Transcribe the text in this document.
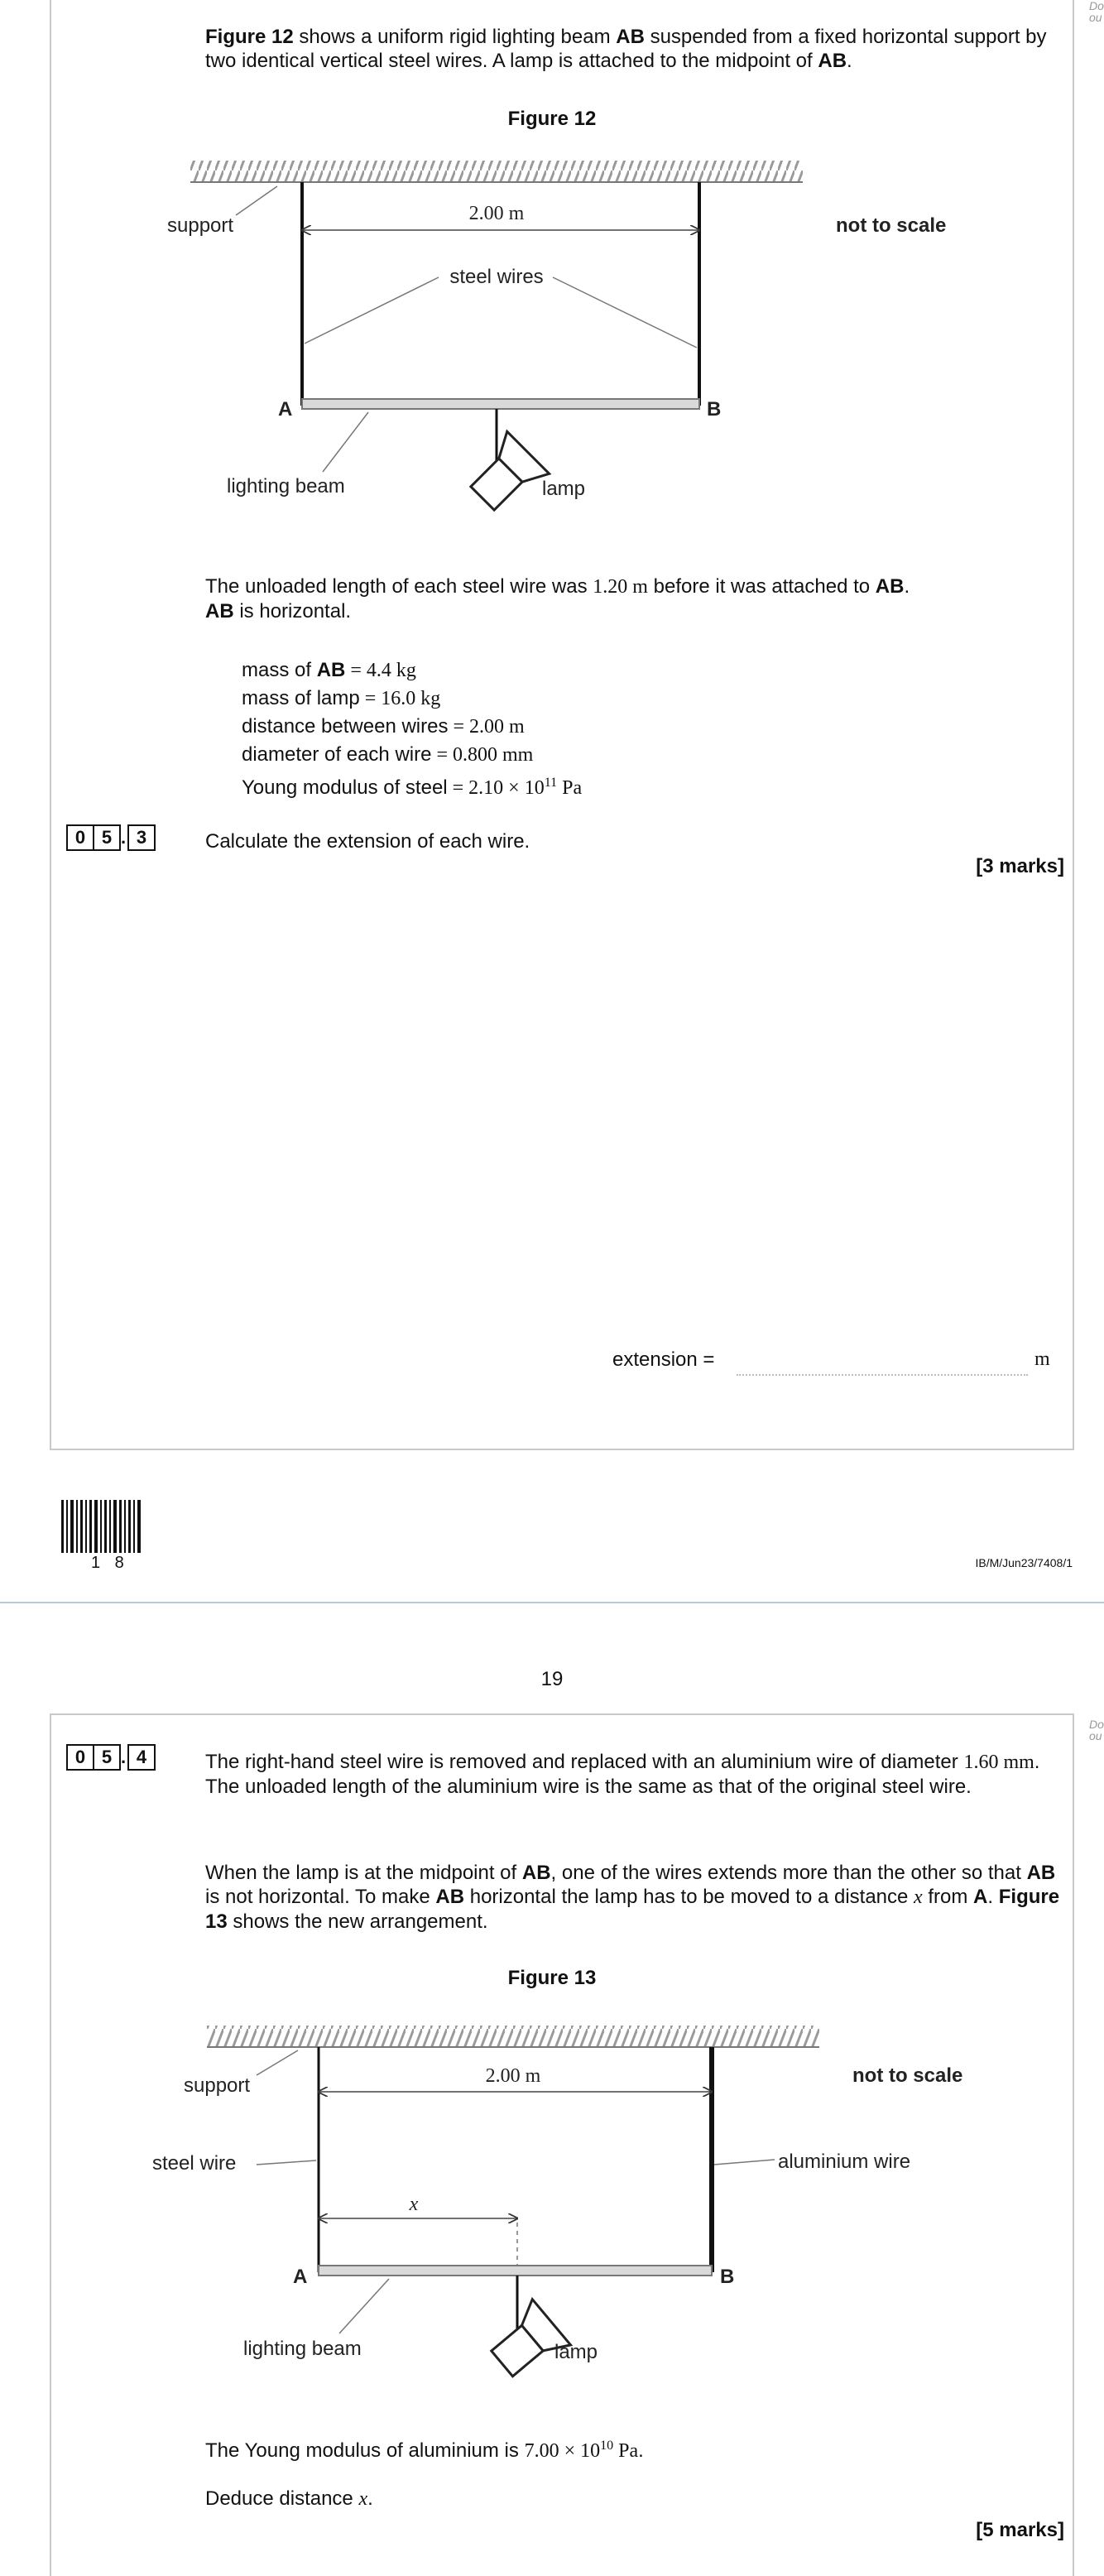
Do
ou
Do
ou
Figure 12 shows a uniform rigid lighting beam AB suspended from a fixed horizontal support by two identical vertical steel wires. A lamp is attached to the midpoint of AB.
Figure 12
2.00 m
support	not to scale
steel wires
A	B
lighting beam	lamp
The unloaded length of each steel wire was 1.20 m before it was attached to AB.
AB is horizontal.
mass of AB = 4.4 kg
mass of lamp = 16.0 kg
distance between wires = 2.00 m
diameter of each wire = 0.800 mm
Young modulus of steel = $2.10 \times 10^{11}$ Pa
0 5 . 3	Calculate the extension of each wire.
[3 marks]
extension =	m
1 8	IB/M/Jun23/7408/1
19
0 5 . 4	The right-hand steel wire is removed and replaced with an aluminium wire of diameter 1.60 mm. The unloaded length of the aluminium wire is the same as that of the original steel wire.
When the lamp is at the midpoint of AB, one of the wires extends more than the other so that AB is not horizontal. To make AB horizontal the lamp has to be moved to a distance x from A. Figure 13 shows the new arrangement.
Figure 13
2.00 m
support	not to scale
steel wire	aluminium wire
x
A	B
lighting beam	lamp
The Young modulus of aluminium is $7.00 \times 10^{10}$ Pa.
Deduce distance x.
[5 marks]
